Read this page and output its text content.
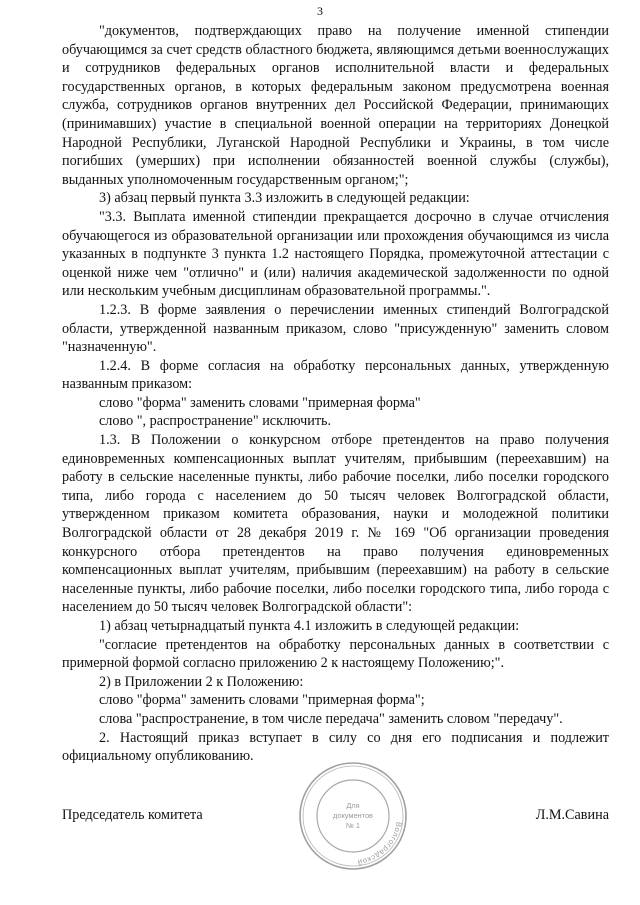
3

"документов, подтверждающих право на получение именной стипендии обучающимся за счет средств областного бюджета, являющимся детьми военнослужащих и сотрудников федеральных органов исполнительной власти и федеральных государственных органов, в которых федеральным законом предусмотрена военная служба, сотрудников органов внутренних дел Российской Федерации, принимающих (принимавших) участие в специальной военной операции на территориях Донецкой Народной Республики, Луганской Народной Республики и Украины, в том числе погибших (умерших) при исполнении обязанностей военной службы (службы), выданных уполномоченным государственным органом;";

3) абзац первый пункта 3.3 изложить в следующей редакции:

"3.3. Выплата именной стипендии прекращается досрочно в случае отчисления обучающегося из образовательной организации или прохождения обучающимся из числа указанных в подпункте 3 пункта 1.2 настоящего Порядка, промежуточной аттестации с оценкой ниже чем "отлично" и (или) наличия академической задолженности по одной или нескольким учебным дисциплинам образовательной программы.".

1.2.3. В форме заявления о перечислении именных стипендий Волгоградской области, утвержденной названным приказом, слово "присужденную" заменить словом "назначенную".

1.2.4. В форме согласия на обработку персональных данных, утвержденную названным приказом:

слово "форма" заменить словами "примерная форма"

слово ", распространение" исключить.

1.3. В Положении о конкурсном отборе претендентов на право получения единовременных компенсационных выплат учителям, прибывшим (переехавшим) на работу в сельские населенные пункты, либо рабочие поселки, либо поселки городского типа, либо города с населением до 50 тысяч человек Волгоградской области, утвержденном приказом комитета образования, науки и молодежной политики Волгоградской области от 28 декабря 2019 г. № 169 "Об организации проведения конкурсного отбора претендентов на право получения единовременных компенсационных выплат учителям, прибывшим (переехавшим) на работу в сельские населенные пункты, либо рабочие поселки, либо поселки городского типа, либо города с населением до 50 тысяч человек Волгоградской области":

1) абзац четырнадцатый пункта 4.1 изложить в следующей редакции:

"согласие претендентов на обработку персональных данных в соответствии с примерной формой согласно приложению 2 к настоящему Положению;".

2) в Приложении 2 к Положению:

слово "форма" заменить словами "примерная форма";

слова "распространение, в том числе передача" заменить словом "передачу".

2. Настоящий приказ вступает в силу со дня его подписания и подлежит официальному опубликованию.

Волгоградской
Для
документов
№ 1
Председатель комитета	Л.М.Савина
